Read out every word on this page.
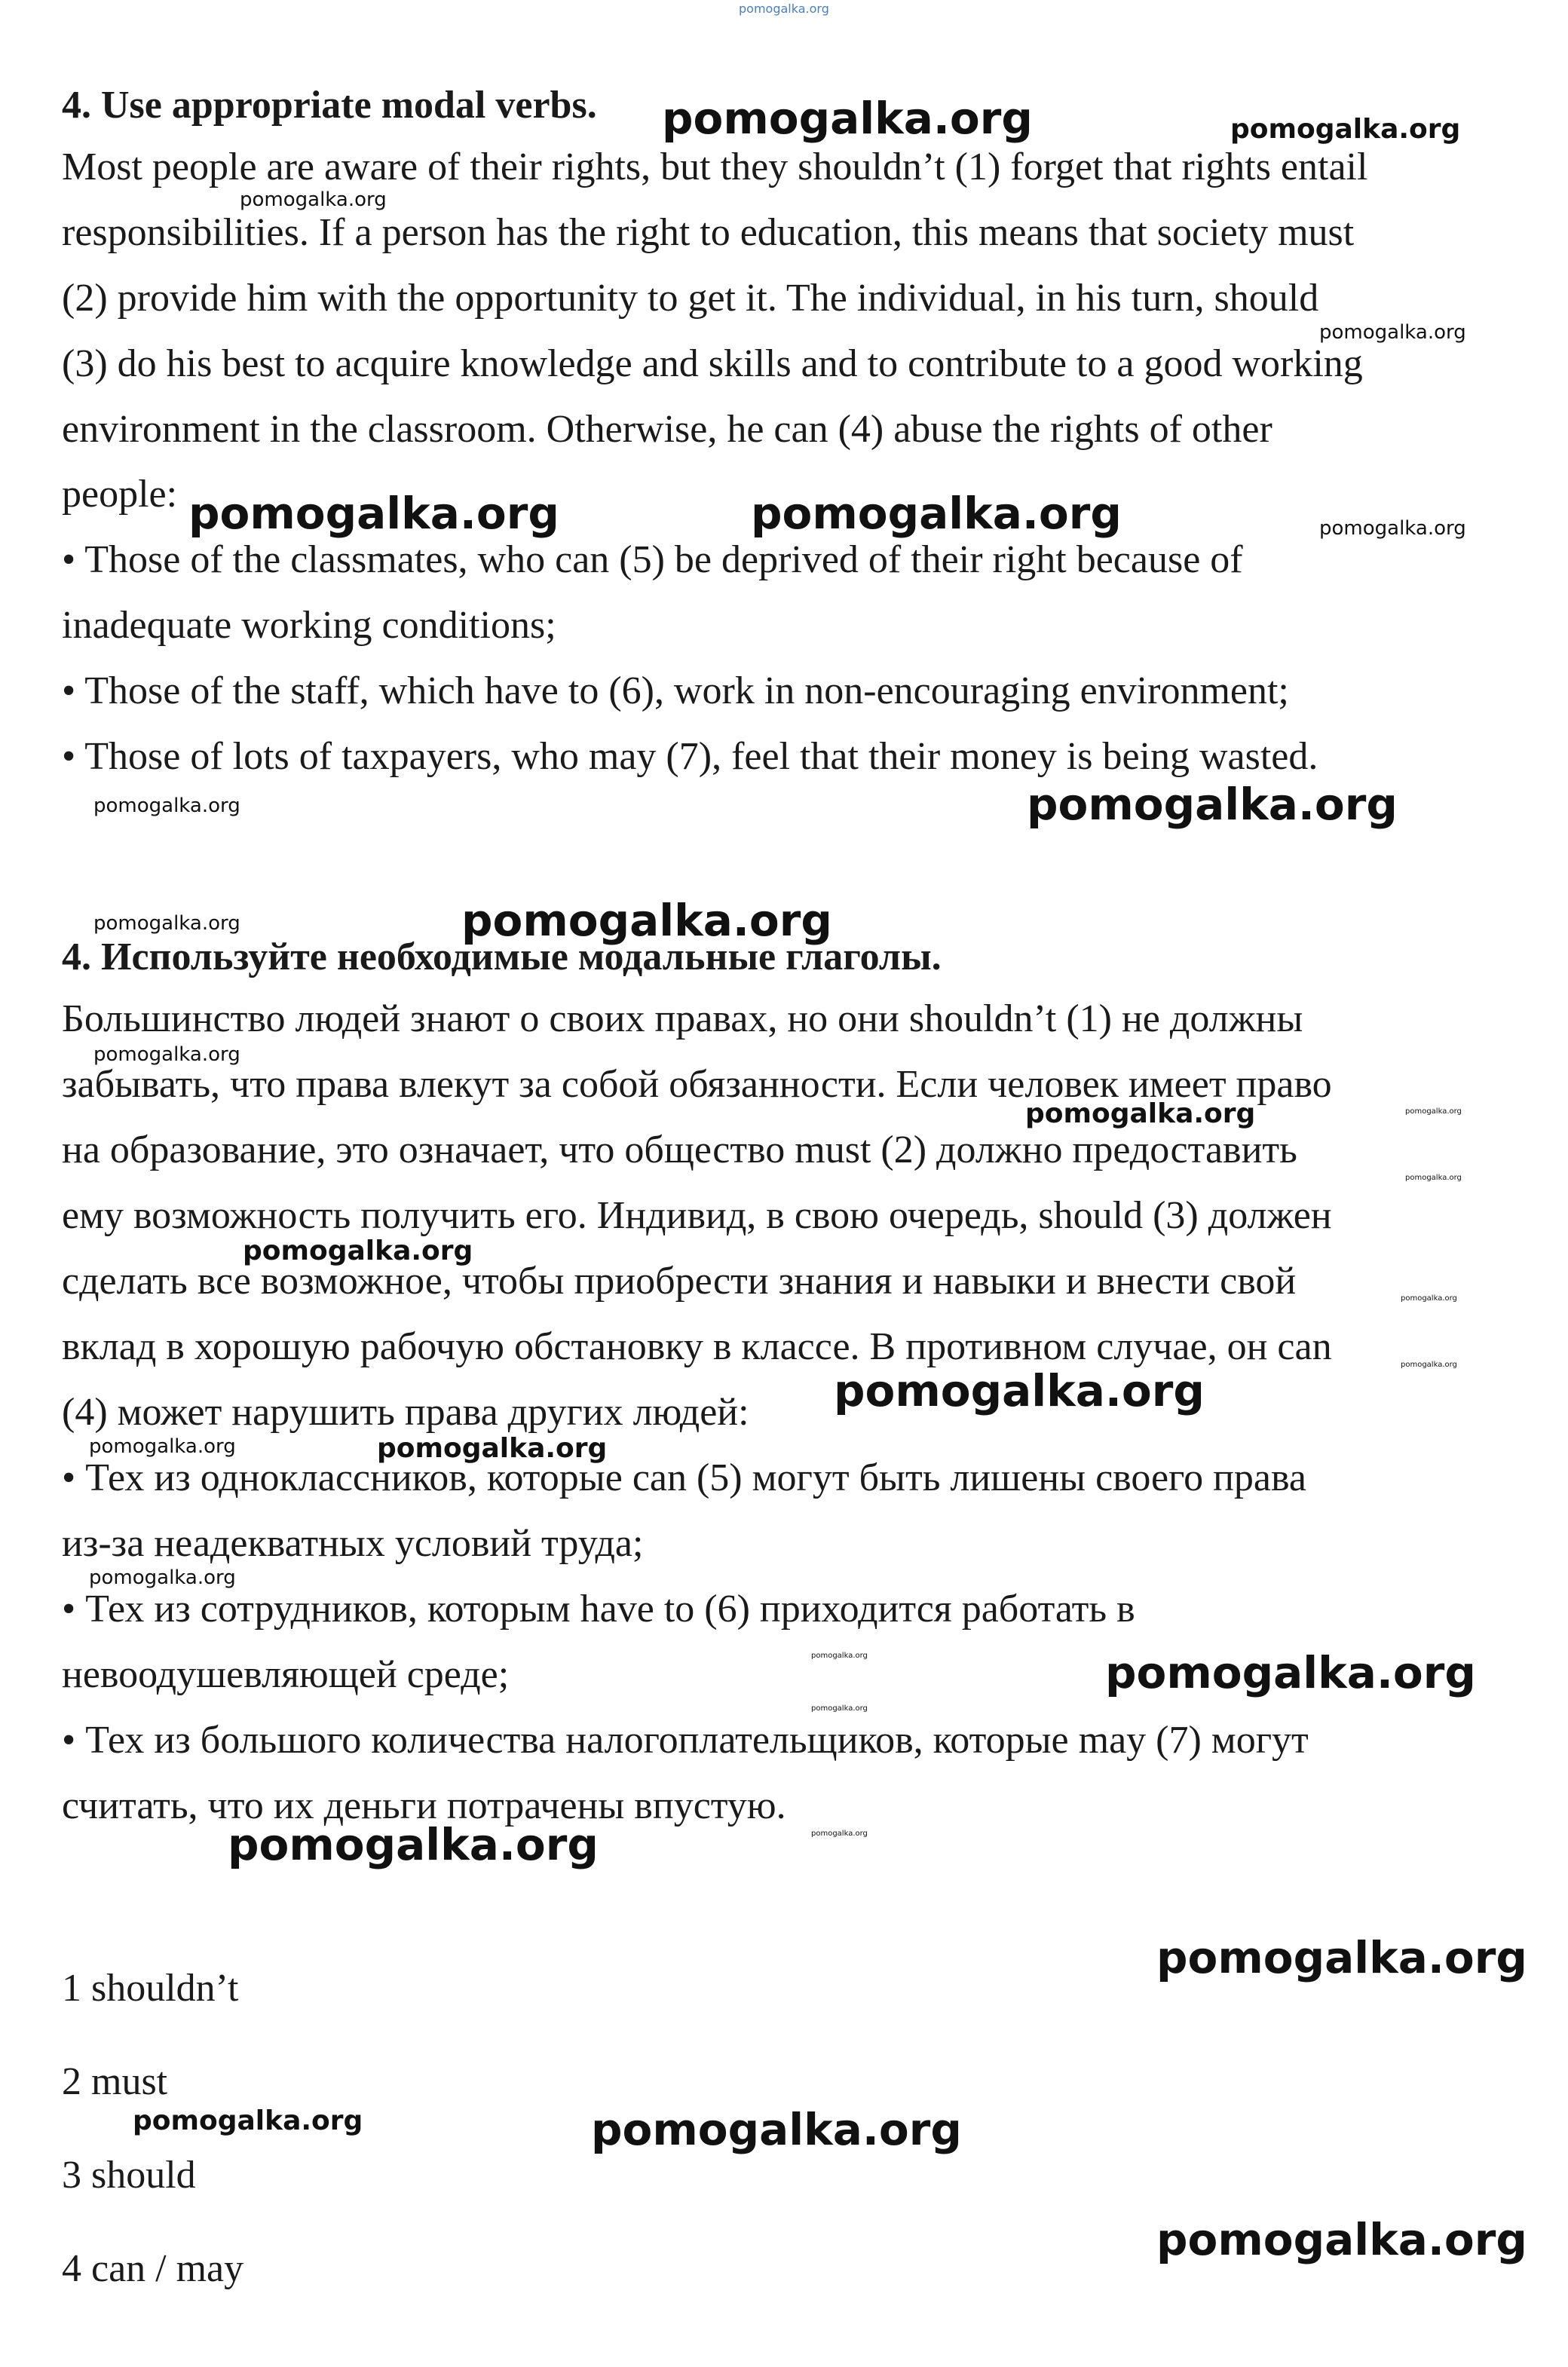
pomogalka.org
4. Use appropriate modal verbs.
Most people are aware of their rights, but they shouldn’t (1) forget that rights entail
responsibilities. If a person has the right to education, this means that society must
(2) provide him with the opportunity to get it. The individual, in his turn, should
(3) do his best to acquire knowledge and skills and to contribute to a good working
environment in the classroom. Otherwise, he can (4) abuse the rights of other
people:
• Those of the classmates, who can (5) be deprived of their right because of
inadequate working conditions;
• Those of the staff, which have to (6), work in non-encouraging environment;
• Those of lots of taxpayers, who may (7), feel that their money is being wasted.
4. Используйте необходимые модальные глаголы.
Большинство людей знают о своих правах, но они shouldn’t (1) не должны
забывать, что права влекут за собой обязанности. Если человек имеет право
на образование, это означает, что общество must (2) должно предоставить
ему возможность получить его. Индивид, в свою очередь, should (3) должен
сделать все возможное, чтобы приобрести знания и навыки и внести свой
вклад в хорошую рабочую обстановку в классе. В противном случае, он can
(4) может нарушить права других людей:
• Тех из одноклассников, которые can (5) могут быть лишены своего права
из-за неадекватных условий труда;
• Тех из сотрудников, которым have to (6) приходится работать в
невоодушевляющей среде;
• Тех из большого количества налогоплательщиков, которые may (7) могут
считать, что их деньги потрачены впустую.
1 shouldn’t
2 must
3 should
4 can / may
pomogalka.org	pomogalka.org
pomogalka.org
pomogalka.org
pomogalka.org	pomogalka.org	pomogalka.org
pomogalka.org	pomogalka.org
pomogalka.org	pomogalka.org
pomogalka.org
pomogalka.org	pomogalka.org
pomogalka.org
pomogalka.org
pomogalka.org
pomogalka.org
pomogalka.org
pomogalka.org	pomogalka.org
pomogalka.org
pomogalka.org	pomogalka.org
pomogalka.org
pomogalka.org
pomogalka.org
pomogalka.org
pomogalka.org	pomogalka.org
pomogalka.org
